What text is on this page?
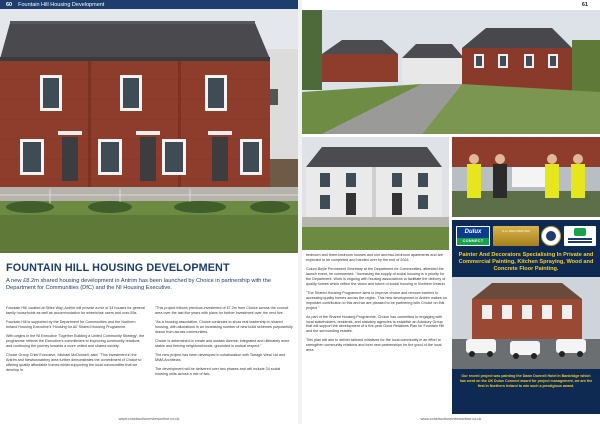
60 Fountain Hill Housing Development
FOUNTAIN HILL HOUSING DEVELOPMENT
A new £8.2m shared housing development in Antrim has been launched by Choice in partnership with the Department for Communities (DfC) and the NI Housing Executive.

Fountain Hill, located at Stiles Way, Antrim will provide a mix of 34 houses for general family households as well as accommodation for wheelchair users and over-55s.

Fountain Hill is supported by the Department for Communities and the Northern Ireland Housing Executive's 'Housing for All' Shared Housing Programme.

With origins in the NI Executive 'Together Building a United Community Strategy', the programme reflects the Executive's commitment to improving community relations and continuing the journey towards a more united and shared society.

Choice Group Chief Executive, Michael McDonnell, said: "This investment in the Antrim and Newtownabbey area further demonstrates the commitment of Choice to offering quality affordable homes whilst supporting the local communities that we develop in.

"This project follows previous investment of £7.2m from Choice across the council area over the last five years with plans for further investment over the next five.

"As a housing association, Choice continues to show real leadership in shared housing, with allocations in an increasing number of new build schemes purposefully drawn from across communities.

Choice is determined to create and sustain diverse, integrated and ultimately more stable and thriving neighbourhoods, grounded in mutual respect."

The new project has been developed in collaboration with Tarragh West Ltd and MMA Architects.

The development will be delivered over two phases and will include 34 social housing units across a mix of two-

www.constructionreviewonline.co.uk
61
Dulux
CONNECT
G.H. DECORATORS
Painter And Decorators Specialising In Private and Commercial Painting, Kitchen Spraying, Wood and Concrete Floor Painting.
Our recent project was painting the Dawn Donnell Hotel in Banbridge which has went on the UK Dulux Connect award for project management, we are the first in Northern Ireland to win such a prestigious award.

bedroom and three-bedroom houses and one and two-bedroom apartments and are expected to be completed and handed over by the end of 2024.

Colum Boyle Permanent Secretary at the Department for Communities, attended the launch event, he commented: "Increasing the supply of social housing is a priority for the Department. Work is ongoing with housing associations to facilitate the delivery of quality homes which reflect the vision and future of social housing in Northern Ireland.

"The Shared Housing Programme aims to improve choice and remove barriers to accessing quality homes across the region. This new development in Antrim makes an important contribution to this and we are pleased to be partnering with Choice on this project."

As part of the Shared Housing Programme, Choice has committed to engaging with local stakeholders, residents, and statutory agencies to establish an Advisory Group that will support the development of a five-year Good Relations Plan for Fountain Hill and the surrounding estates.

This plan will aim to deliver tailored initiatives for the local community in an effort to strengthen community relations and form new partnerships for the good of the local area.

www.constructionreviewonline.co.uk
